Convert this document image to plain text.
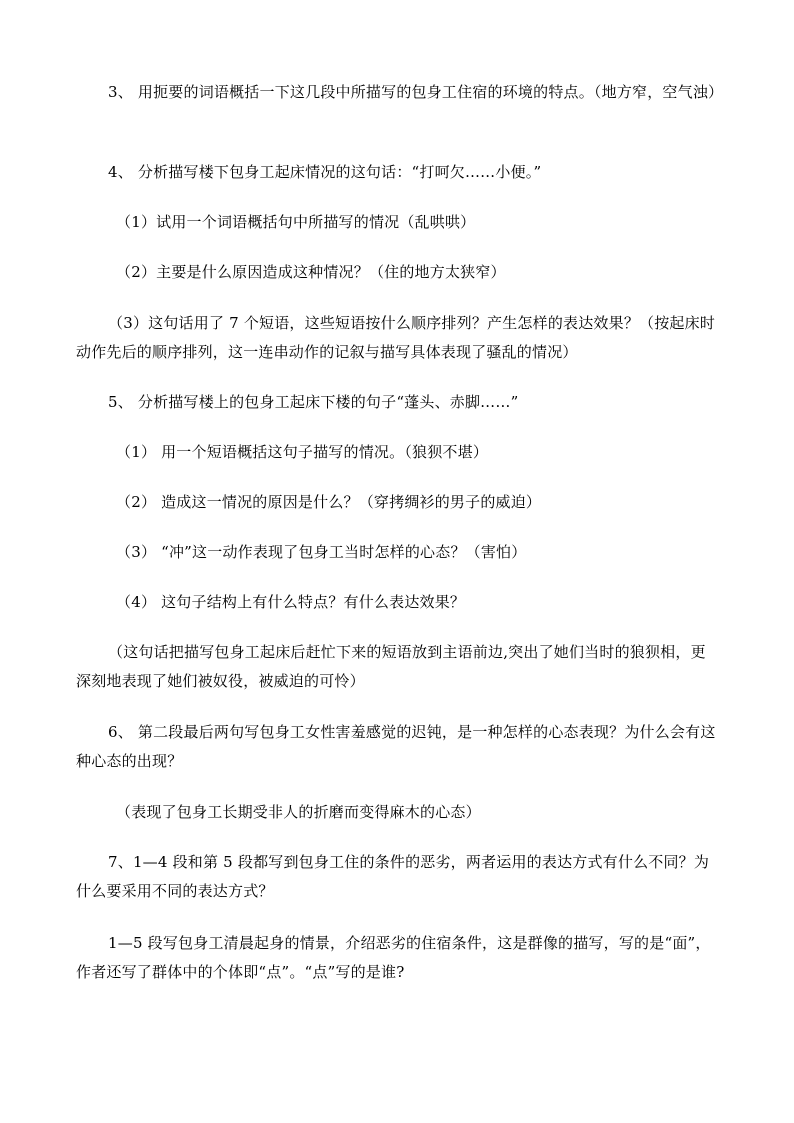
3、 用扼要的词语概括一下这几段中所描写的包身工住宿的环境的特点。（地方窄，空气浊）
4、 分析描写楼下包身工起床情况的这句话：“打呵欠……小便。”
（1）试用一个词语概括句中所描写的情况（乱哄哄）
（2）主要是什么原因造成这种情况？（住的地方太狭窄）
（3）这句话用了 7 个短语，这些短语按什么顺序排列？产生怎样的表达效果？（按起床时动作先后的顺序排列，这一连串动作的记叙与描写具体表现了骚乱的情况）
5、 分析描写楼上的包身工起床下楼的句子“蓬头、赤脚……”
（1） 用一个短语概括这句子描写的情况。（狼狈不堪）
（2） 造成这一情况的原因是什么？（穿拷绸衫的男子的威迫）
（3） “冲”这一动作表现了包身工当时怎样的心态？（害怕）
（4） 这句子结构上有什么特点？有什么表达效果？
（这句话把描写包身工起床后赶忙下来的短语放到主语前边,突出了她们当时的狼狈相，更深刻地表现了她们被奴役，被威迫的可怜）
6、 第二段最后两句写包身工女性害羞感觉的迟钝，是一种怎样的心态表现？为什么会有这种心态的出现？
（表现了包身工长期受非人的折磨而变得麻木的心态）
7、1—4 段和第 5 段都写到包身工住的条件的恶劣，两者运用的表达方式有什么不同？为什么要采用不同的表达方式？
1—5 段写包身工清晨起身的情景，介绍恶劣的住宿条件，这是群像的描写，写的是“面”，作者还写了群体中的个体即“点”。“点”写的是谁?
